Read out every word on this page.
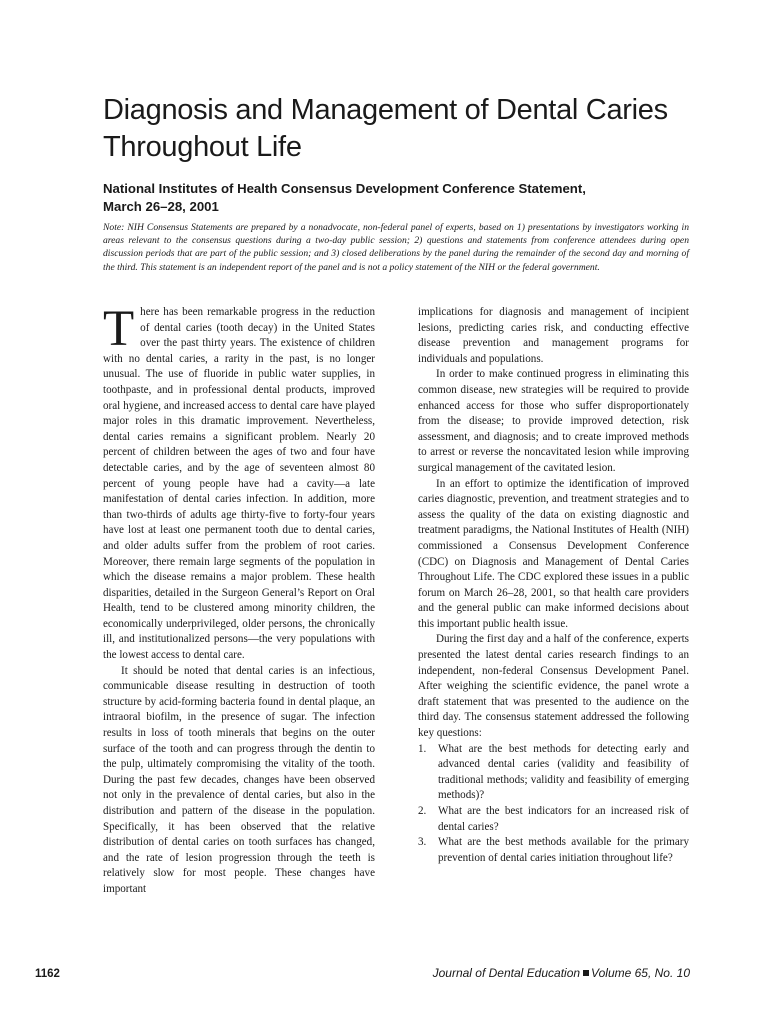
Diagnosis and Management of Dental Caries
Throughout Life
National Institutes of Health Consensus Development Conference Statement,
March 26–28, 2001

Note: NIH Consensus Statements are prepared by a nonadvocate, non-federal panel of experts, based on 1) presentations by investigators working in areas relevant to the consensus questions during a two-day public session; 2) questions and statements from conference attendees during open discussion periods that are part of the public session; and 3) closed deliberations by the panel during the remainder of the second day and morning of the third. This statement is an independent report of the panel and is not a policy statement of the NIH or the federal government.

There has been remarkable progress in the reduction of dental caries (tooth decay) in the United States over the past thirty years. The existence of children with no dental caries, a rarity in the past, is no longer unusual. The use of fluoride in public water supplies, in toothpaste, and in professional dental products, improved oral hygiene, and increased access to dental care have played major roles in this dramatic improvement. Nevertheless, dental caries remains a significant problem. Nearly 20 percent of children between the ages of two and four have detectable caries, and by the age of seventeen almost 80 percent of young people have had a cavity—a late manifestation of dental caries infection. In addition, more than two-thirds of adults age thirty-five to forty-four years have lost at least one permanent tooth due to dental caries, and older adults suffer from the problem of root caries. Moreover, there remain large segments of the population in which the disease remains a major problem. These health disparities, detailed in the Surgeon General’s Report on Oral Health, tend to be clustered among minority children, the economically underprivileged, older persons, the chronically ill, and institutionalized persons—the very populations with the lowest access to dental care.

It should be noted that dental caries is an infectious, communicable disease resulting in destruction of tooth structure by acid-forming bacteria found in dental plaque, an intraoral biofilm, in the presence of sugar. The infection results in loss of tooth minerals that begins on the outer surface of the tooth and can progress through the dentin to the pulp, ultimately compromising the vitality of the tooth. During the past few decades, changes have been observed not only in the prevalence of dental caries, but also in the distribution and pattern of the disease in the population. Specifically, it has been observed that the relative distribution of dental caries on tooth surfaces has changed, and the rate of lesion progression through the teeth is relatively slow for most people. These changes have important

implications for diagnosis and management of incipient lesions, predicting caries risk, and conducting effective disease prevention and management programs for individuals and populations.

In order to make continued progress in eliminating this common disease, new strategies will be required to provide enhanced access for those who suffer disproportionately from the disease; to provide improved detection, risk assessment, and diagnosis; and to create improved methods to arrest or reverse the noncavitated lesion while improving surgical management of the cavitated lesion.

In an effort to optimize the identification of improved caries diagnostic, prevention, and treatment strategies and to assess the quality of the data on existing diagnostic and treatment paradigms, the National Institutes of Health (NIH) commissioned a Consensus Development Conference (CDC) on Diagnosis and Management of Dental Caries Throughout Life. The CDC explored these issues in a public forum on March 26–28, 2001, so that health care providers and the general public can make informed decisions about this important public health issue.

During the first day and a half of the conference, experts presented the latest dental caries research findings to an independent, non-federal Consensus Development Panel. After weighing the scientific evidence, the panel wrote a draft statement that was presented to the audience on the third day. The consensus statement addressed the following key questions:

1.	What are the best methods for detecting early and advanced dental caries (validity and feasibility of traditional methods; validity and feasibility of emerging methods)?
2.	What are the best indicators for an increased risk of dental caries?
3.	What are the best methods available for the primary prevention of dental caries initiation throughout life?
1162	Journal of Dental Education Volume 65, No. 10
